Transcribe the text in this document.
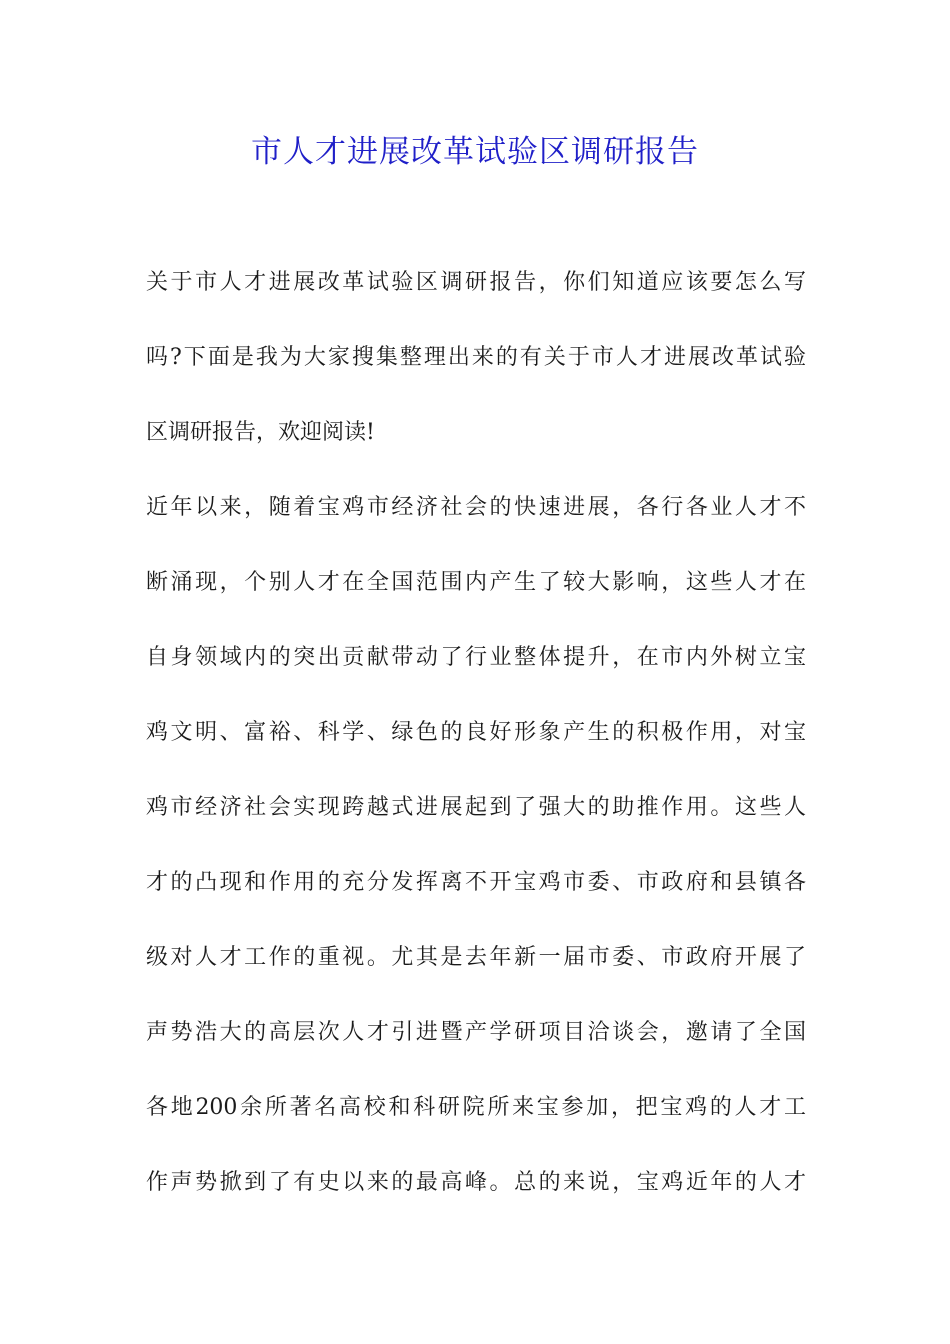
市人才进展改革试验区调研报告
关于市人才进展改革试验区调研报告，你们知道应该要怎么写
吗?下面是我为大家搜集整理出来的有关于市人才进展改革试验
区调研报告，欢迎阅读!
近年以来，随着宝鸡市经济社会的快速进展，各行各业人才不
断涌现，个别人才在全国范围内产生了较大影响，这些人才在
自身领域内的突出贡献带动了行业整体提升，在市内外树立宝
鸡文明、富裕、科学、绿色的良好形象产生的积极作用，对宝
鸡市经济社会实现跨越式进展起到了强大的助推作用。这些人
才的凸现和作用的充分发挥离不开宝鸡市委、市政府和县镇各
级对人才工作的重视。尤其是去年新一届市委、市政府开展了
声势浩大的高层次人才引进暨产学研项目洽谈会，邀请了全国
各地200余所著名高校和科研院所来宝参加，把宝鸡的人才工
作声势掀到了有史以来的最高峰。总的来说，宝鸡近年的人才
